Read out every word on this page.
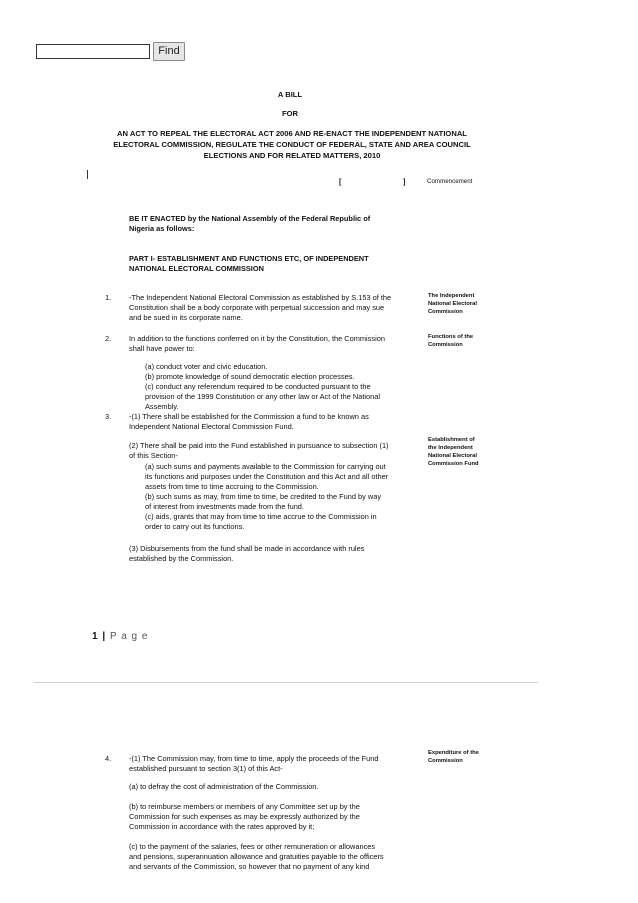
Find
A BILL
FOR
AN ACT TO REPEAL THE ELECTORAL ACT 2006 AND RE-ENACT THE INDEPENDENT NATIONAL
ELECTORAL COMMISSION, REGULATE THE CONDUCT OF FEDERAL, STATE AND AREA COUNCIL
ELECTIONS AND FOR RELATED MATTERS, 2010
[	]	Commencement
BE IT ENACTED by the National Assembly of the Federal Republic of
Nigeria as follows:
PART I- ESTABLISHMENT AND FUNCTIONS ETC, OF INDEPENDENT
NATIONAL ELECTORAL COMMISSION
1.	-The Independent National Electoral Commission as established by S.153 of the
Constitution shall be a body corporate with perpetual succession and may sue
and be sued in its corporate name.
The Independent
National Electoral
Commission
2.	In addition to the functions conferred on it by the Constitution, the Commission
shall have power to:
(a) conduct voter and civic education.
(b) promote knowledge of sound democratic election processes.
(c) conduct any referendum required to be conducted pursuant to the
provision of the 1999 Constitution or any other law or Act of the National
Assembly.
Functions of the
Commission
3.	-(1) There shall be established for the Commission a fund to be known as
Independent National Electoral Commission Fund.
(2) There shall be paid into the Fund established in pursuance to subsection (1)
of this Section-
(a) such sums and payments available to the Commission for carrying out
its functions and purposes under the Constitution and this Act and all other
assets from time to time accruing to the Commission.
(b) such sums as may, from time to time, be credited to the Fund by way
of interest from investments made from the fund.
(c) aids, grants that may from time to time accrue to the Commission in
order to carry out its functions.
(3) Disbursements from the fund shall be made in accordance with rules
established by the Commission.
Establishment of
the Independent
National Electoral
Commission Fund
1 | P a g e
4.	-(1) The Commission may, from time to time, apply the proceeds of the Fund
established pursuant to section 3(1) of this Act-
(a) to defray the cost of administration of the Commission.
(b) to reimburse members or members of any Committee set up by the
Commission for such expenses as may be expressly authorized by the
Commission in accordance with the rates approved by it;
(c) to the payment of the salaries, fees or other remuneration or allowances
and pensions, superannuation allowance and gratuities payable to the officers
and servants of the Commission, so however that no payment of any kind
Expenditure of the
Commission
